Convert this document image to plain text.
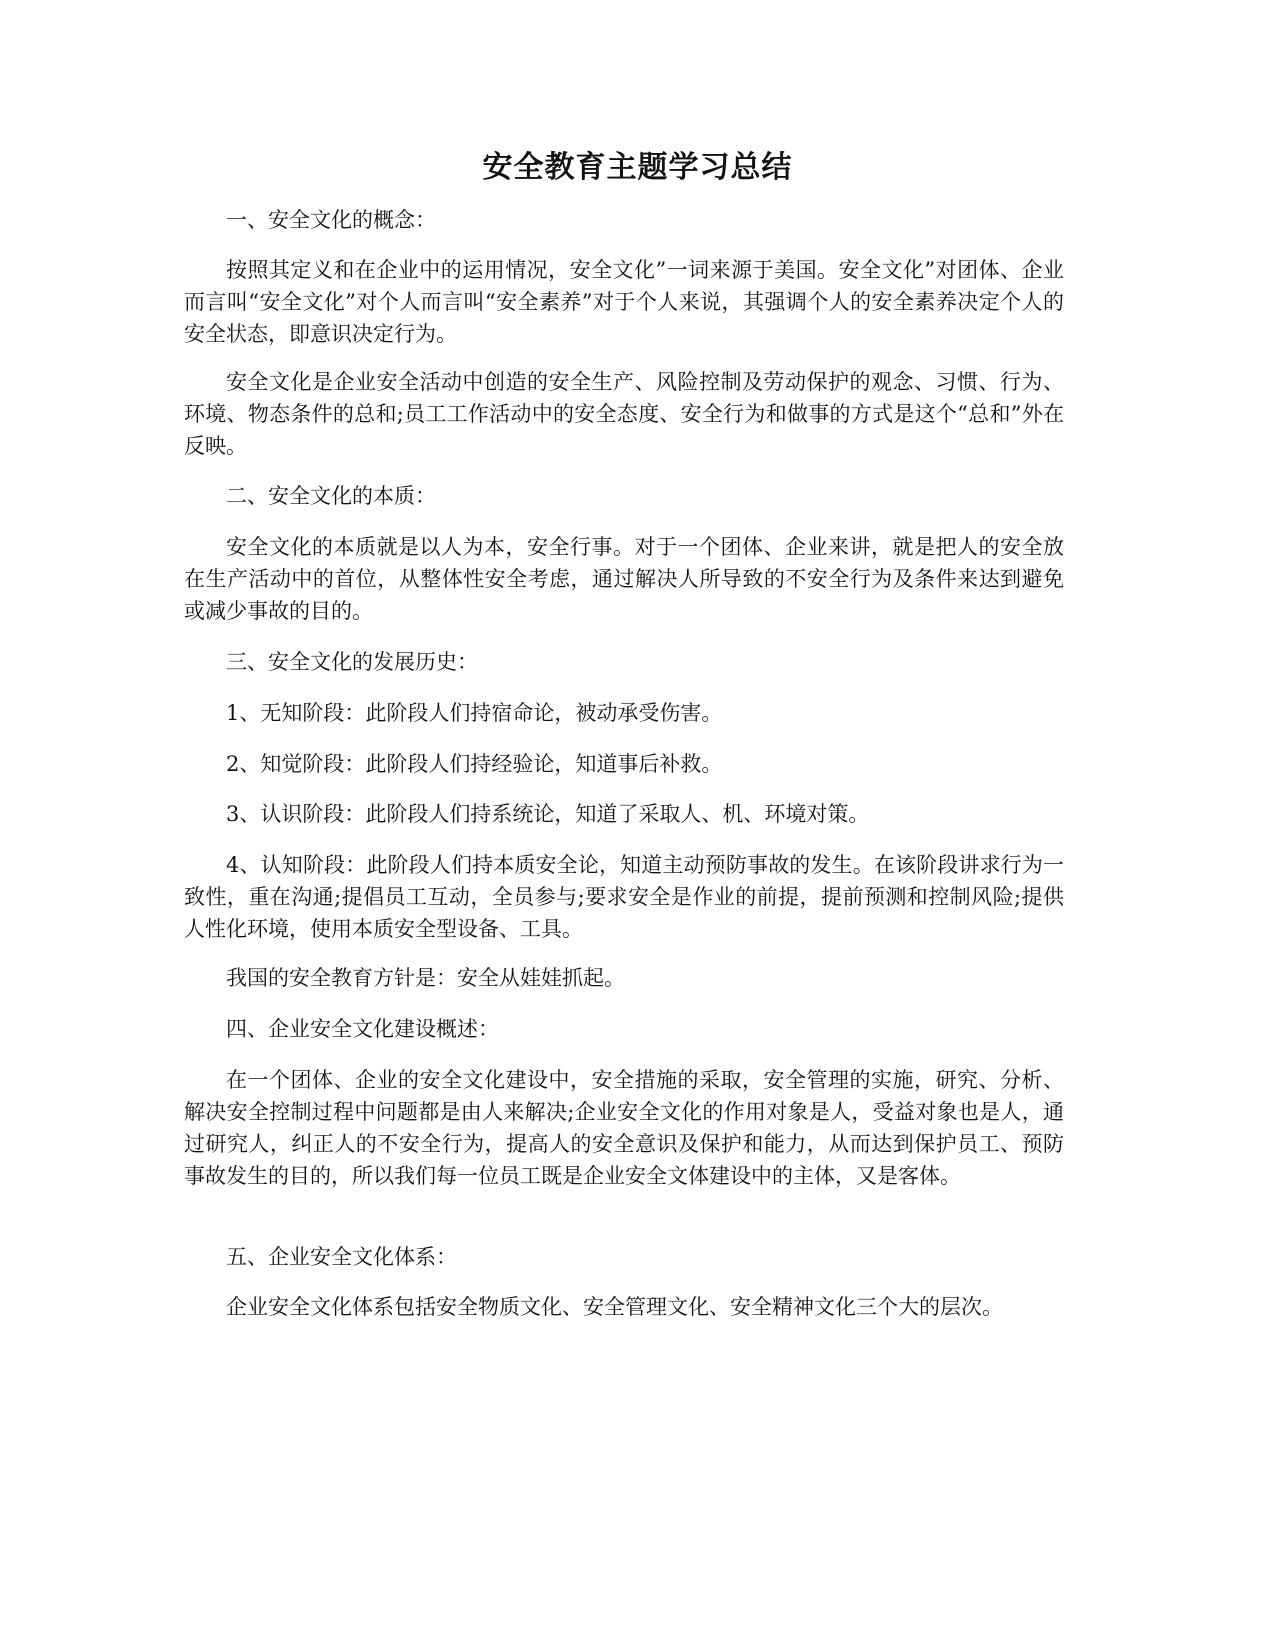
安全教育主题学习总结

一、安全文化的概念：

按照其定义和在企业中的运用情况，安全文化”一词来源于美国。安全文化”对团体、企业而言叫“安全文化”对个人而言叫“安全素养”对于个人来说，其强调个人的安全素养决定个人的安全状态，即意识决定行为。

安全文化是企业安全活动中创造的安全生产、风险控制及劳动保护的观念、习惯、行为、环境、物态条件的总和;员工工作活动中的安全态度、安全行为和做事的方式是这个“总和”外在反映。

二、安全文化的本质：

安全文化的本质就是以人为本，安全行事。对于一个团体、企业来讲，就是把人的安全放在生产活动中的首位，从整体性安全考虑，通过解决人所导致的不安全行为及条件来达到避免或减少事故的目的。

三、安全文化的发展历史：

1、无知阶段：此阶段人们持宿命论，被动承受伤害。

2、知觉阶段：此阶段人们持经验论，知道事后补救。

3、认识阶段：此阶段人们持系统论，知道了采取人、机、环境对策。

4、认知阶段：此阶段人们持本质安全论，知道主动预防事故的发生。在该阶段讲求行为一致性，重在沟通;提倡员工互动，全员参与;要求安全是作业的前提，提前预测和控制风险;提供人性化环境，使用本质安全型设备、工具。

我国的安全教育方针是：安全从娃娃抓起。

四、企业安全文化建设概述：

在一个团体、企业的安全文化建设中，安全措施的采取，安全管理的实施，研究、分析、解决安全控制过程中问题都是由人来解决;企业安全文化的作用对象是人，受益对象也是人，通过研究人，纠正人的不安全行为，提高人的安全意识及保护和能力，从而达到保护员工、预防事故发生的目的，所以我们每一位员工既是企业安全文体建设中的主体，又是客体。

五、企业安全文化体系：

企业安全文化体系包括安全物质文化、安全管理文化、安全精神文化三个大的层次。
